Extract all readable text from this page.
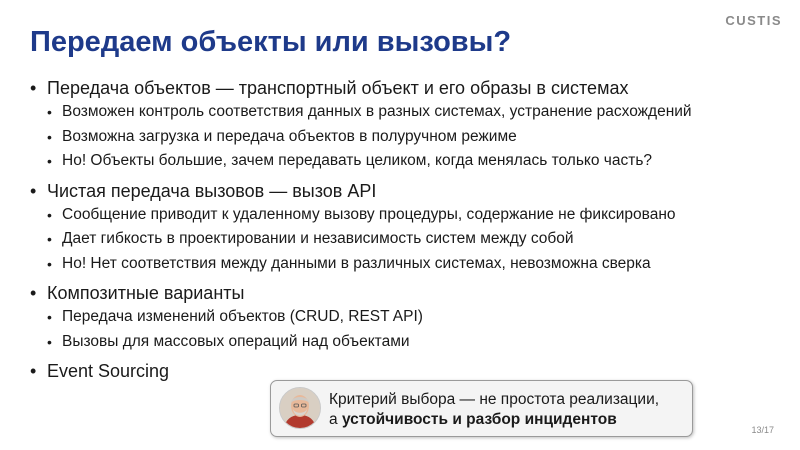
CUSTIS
Передаем объекты или вызовы?
• Передача объектов — транспортный объект и его образы в системах
• Возможен контроль соответствия данных в разных системах, устранение расхождений
• Возможна загрузка и передача объектов в полуручном режиме
• Но! Объекты большие, зачем передавать целиком, когда менялась только часть?
• Чистая передача вызовов — вызов API
• Сообщение приводит к удаленному вызову процедуры, содержание не фиксировано
• Дает гибкость в проектировании и независимость систем между собой
• Но! Нет соответствия между данными в различных системах, невозможна сверка
• Композитные варианты
• Передача изменений объектов (CRUD, REST API)
• Вызовы для массовых операций над объектами
• Event Sourcing
Критерий выбора — не простота реализации,
а устойчивость и разбор инцидентов
13/17
